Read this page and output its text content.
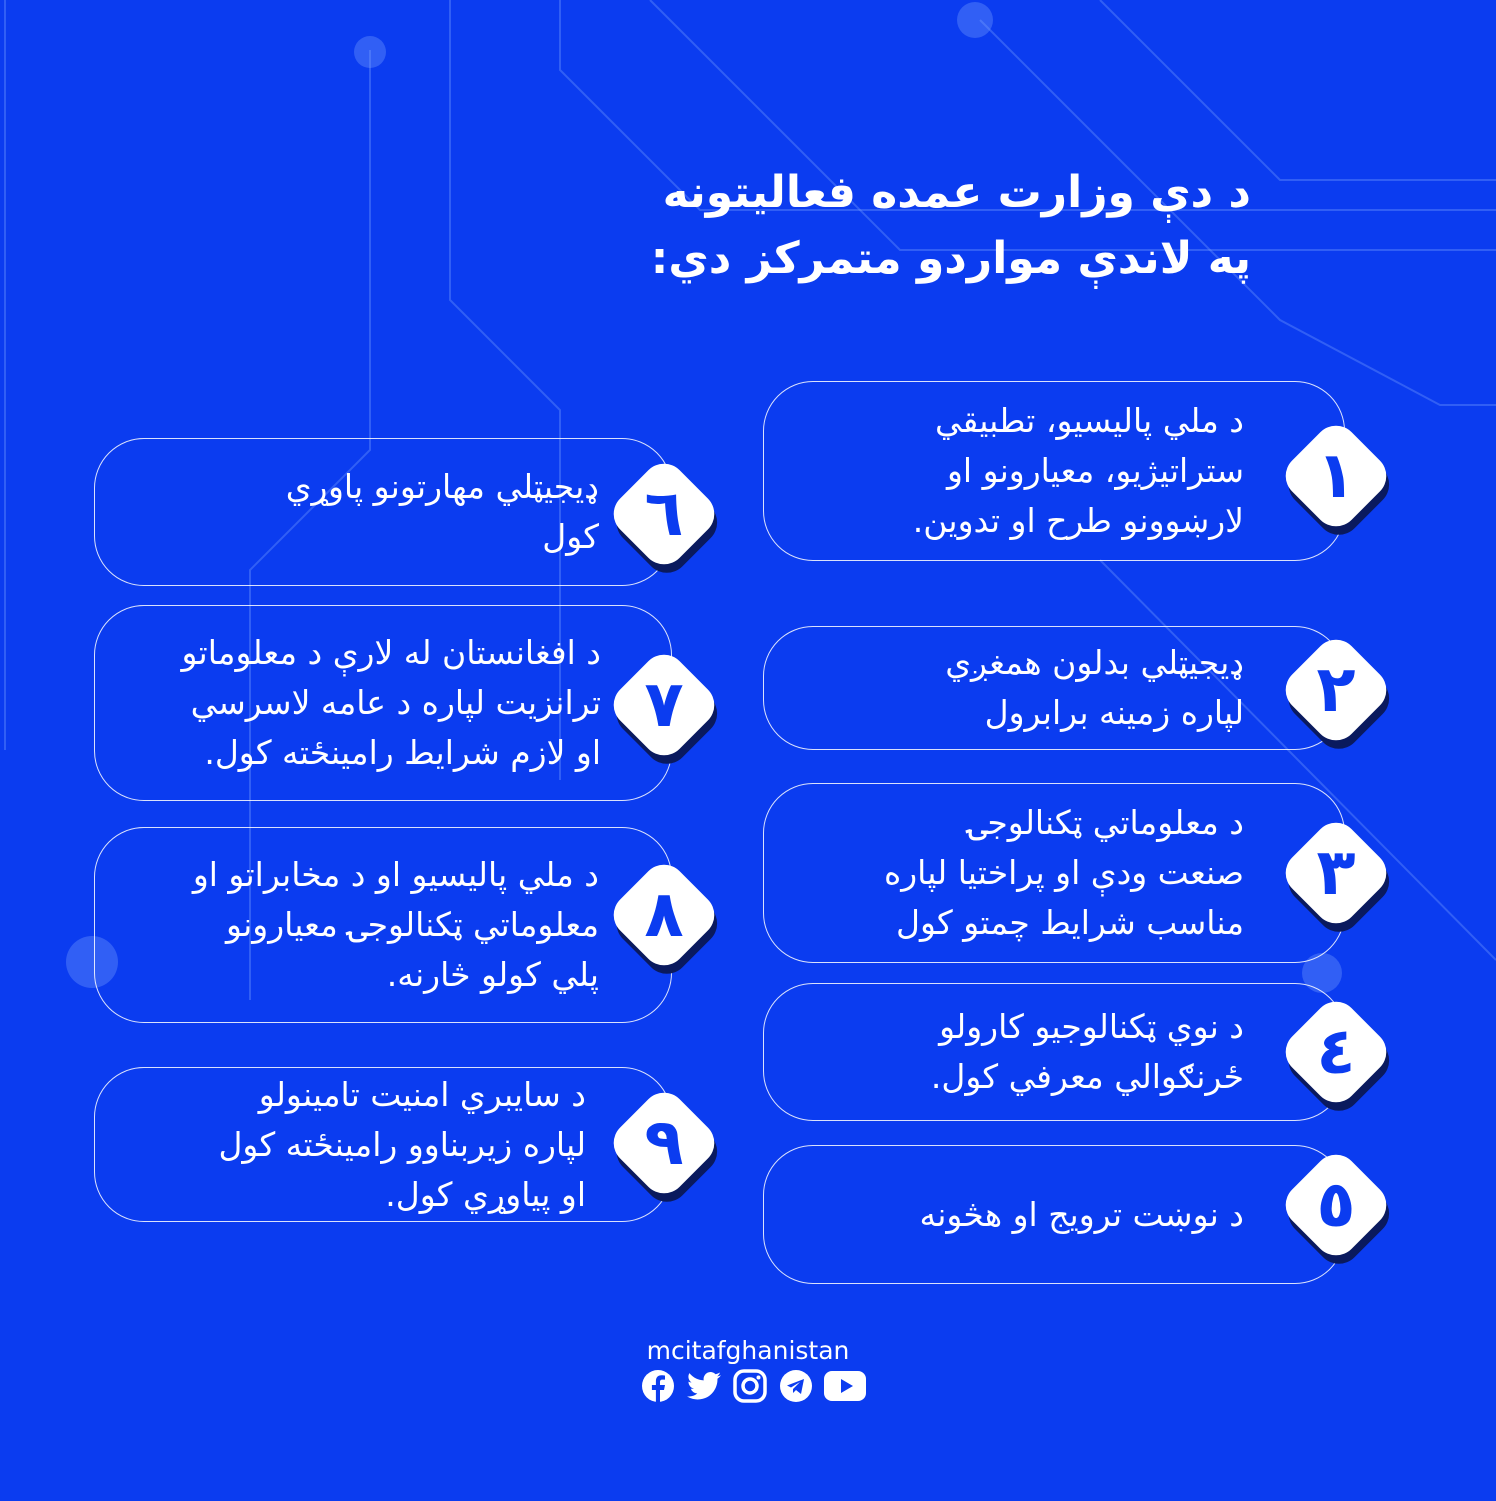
د دې وزارت عمده فعالیتونه
په لاندې مواردو متمرکز دي:
د ملي پالیسیو، تطبیقي
ستراتیژیو، معیارونو او
لارښوونو طرح او تدوین.
ډیجیټلي بدلون همغږي
لپاره زمینه برابرول
د معلوماتي ټکنالوجۍ
صنعت ودې او پراختیا لپاره
مناسب شرایط چمتو کول
د نوي ټکنالوجیو کارولو
ځرنګوالي معرفي کول.
د نوښت ترویج او هڅونه
ډیجیټلي مهارتونو پاوړي
کول
د افغانستان له لارې د معلوماتو
ترانزیت لپاره د عامه لاسرسي
او لازم شرایط رامینځته کول.
د ملي پالیسیو او د مخابراتو او
معلوماتي ټکنالوجۍ معیارونو
پلي کولو څارنه.
د سایبري امنیت تامینولو
لپاره زیربناوو رامینځته کول
او پیاوړي کول.
١
٢
٣
٤
٥
٦
٧
٨
٩
mcitafghanistan
